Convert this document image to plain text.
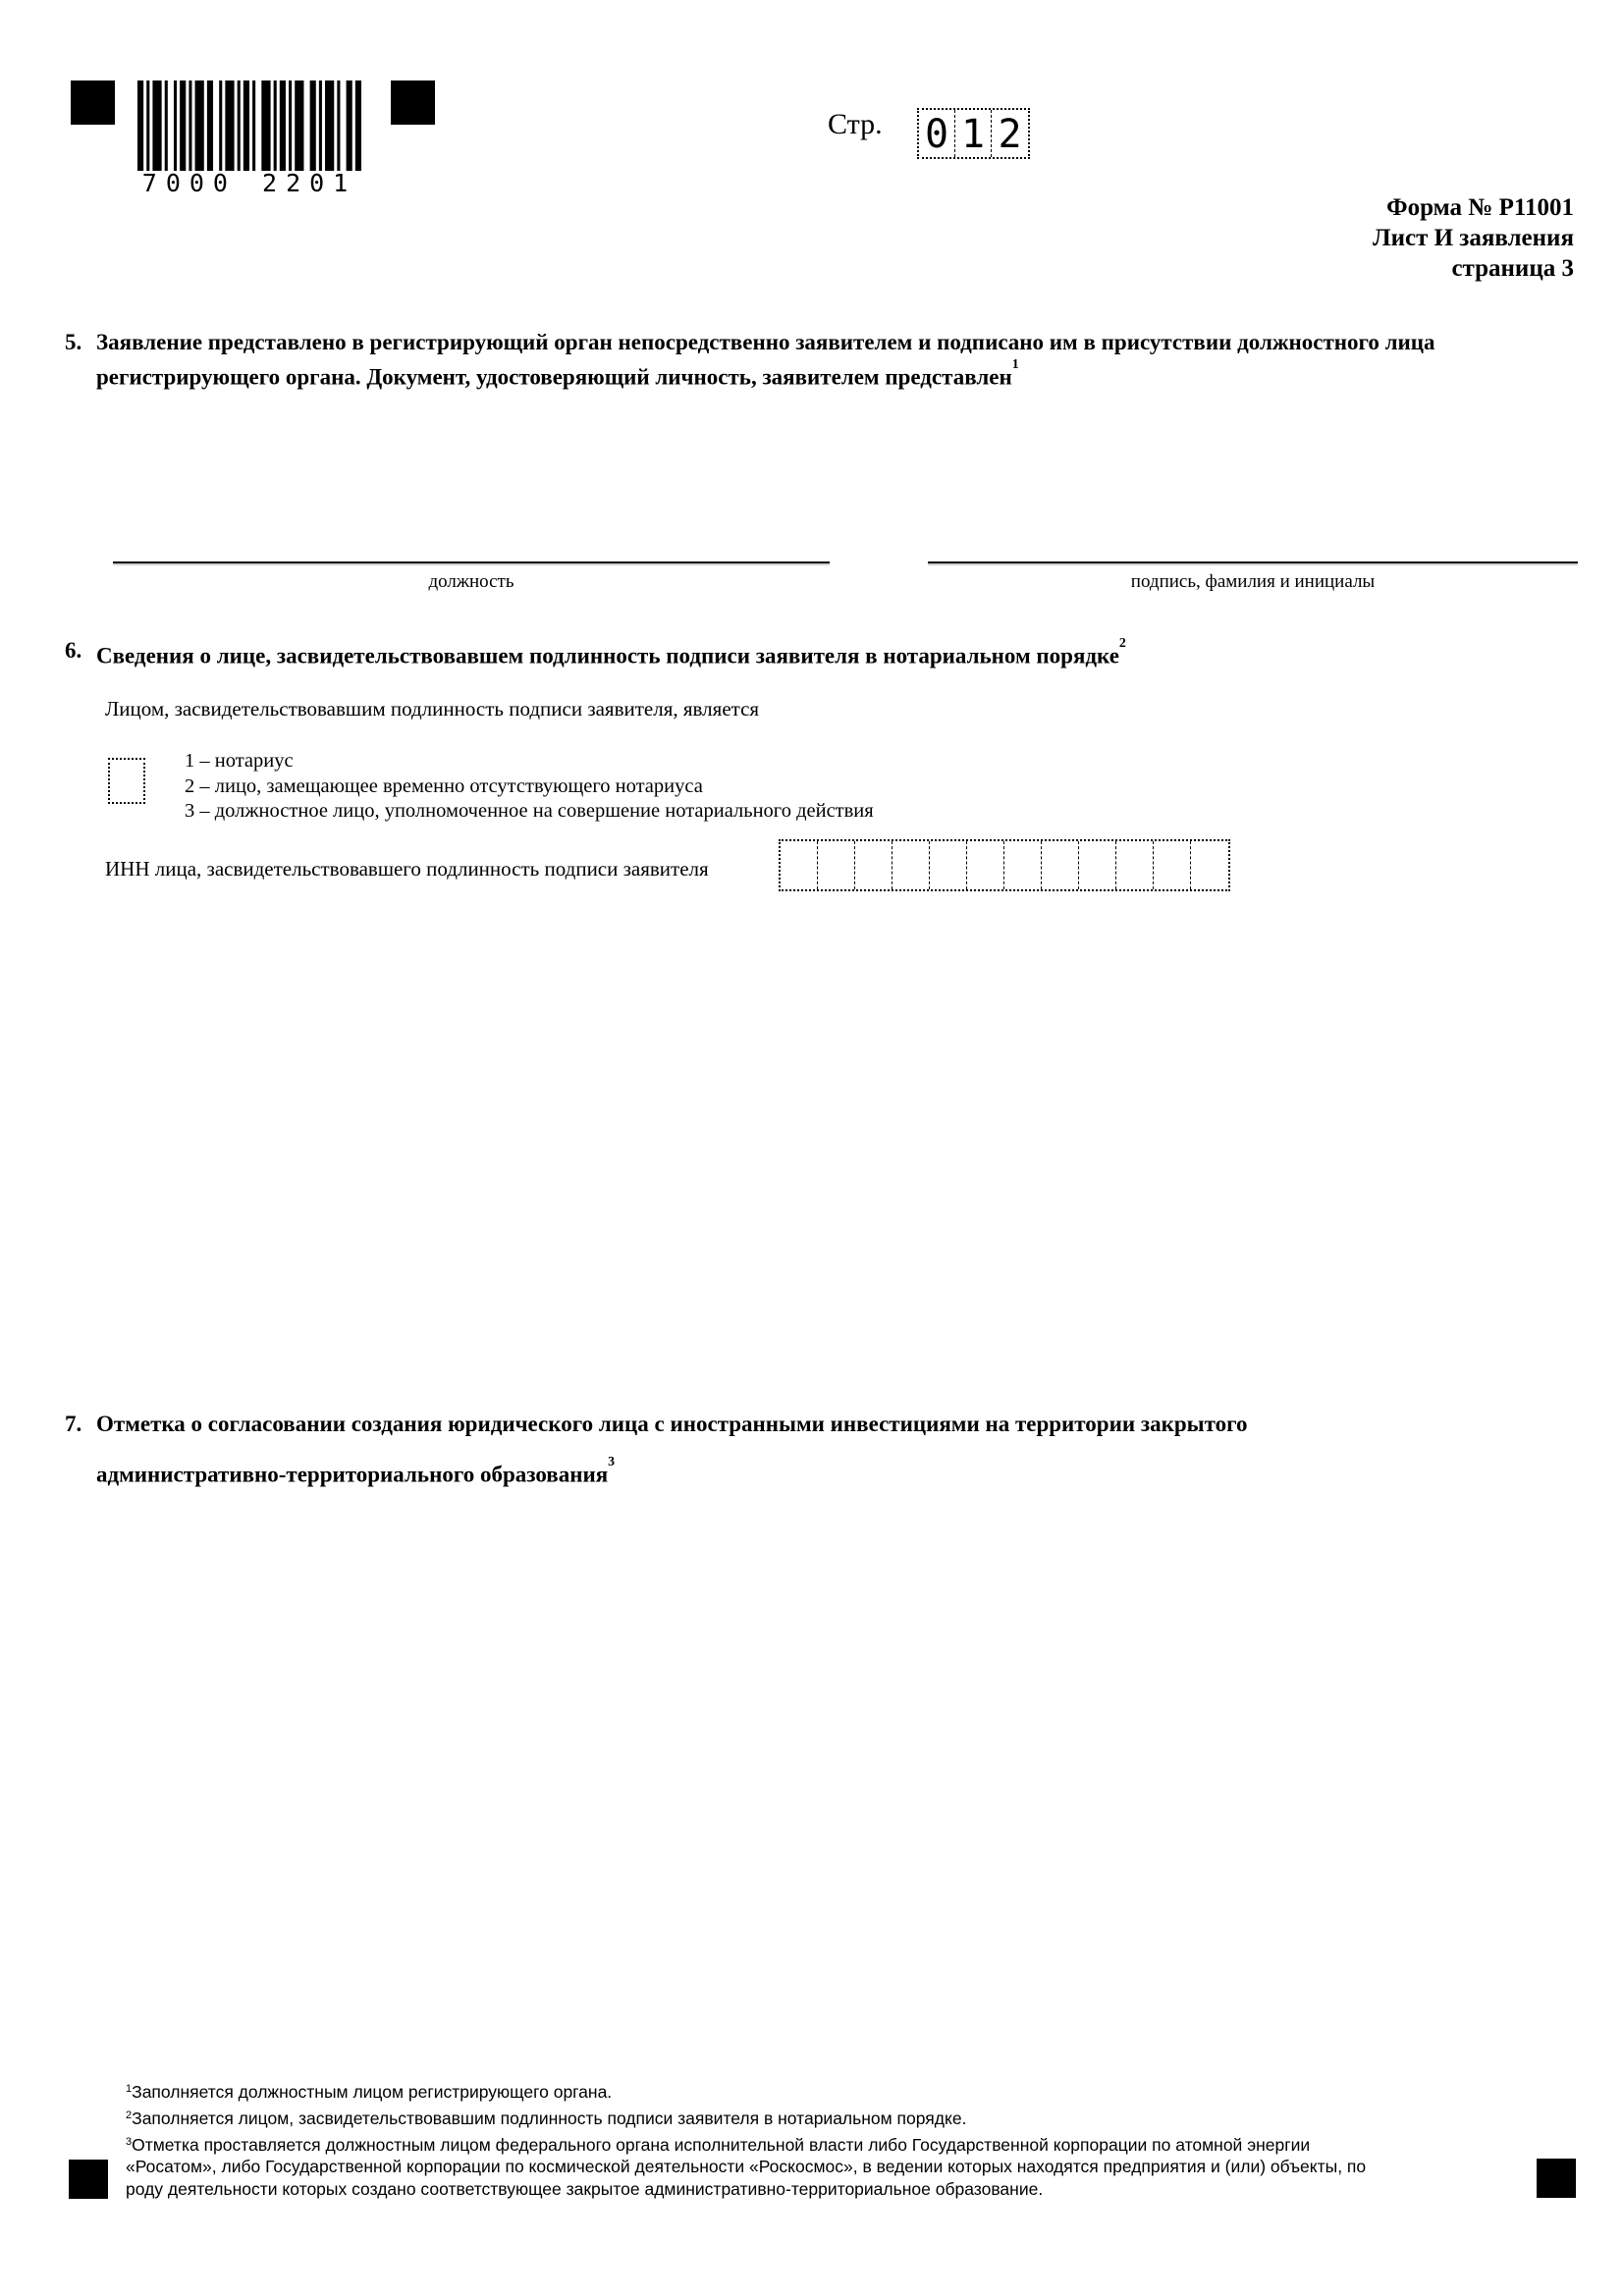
7000 2201
Стр. 0 1 2
Форма № Р11001
Лист И заявления
страница 3
5. Заявление представлено в регистрирующий орган непосредственно заявителем и подписано им в присутствии должностного лица регистрирующего органа. Документ, удостоверяющий личность, заявителем представлен$^1$
должность	подпись, фамилия и инициалы
6. Сведения о лице, засвидетельствовавшем подлинность подписи заявителя в нотариальном порядке$^2$
Лицом, засвидетельствовавшим подлинность подписи заявителя, является
1 – нотариус
2 – лицо, замещающее временно отсутствующего нотариуса
3 – должностное лицо, уполномоченное на совершение нотариального действия
ИНН лица, засвидетельствовавшего подлинность подписи заявителя
7. Отметка о согласовании создания юридического лица с иностранными инвестициями на территории закрытого
административно-территориального образования$^3$
$^1$Заполняется должностным лицом регистрирующего органа.
$^2$Заполняется лицом, засвидетельствовавшим подлинность подписи заявителя в нотариальном порядке.
$^3$Отметка проставляется должностным лицом федерального органа исполнительной власти либо Государственной корпорации по атомной энергии «Росатом», либо Государственной корпорации по космической деятельности «Роскосмос», в ведении которых находятся предприятия и (или) объекты, по роду деятельности которых создано соответствующее закрытое административно-территориальное образование.
